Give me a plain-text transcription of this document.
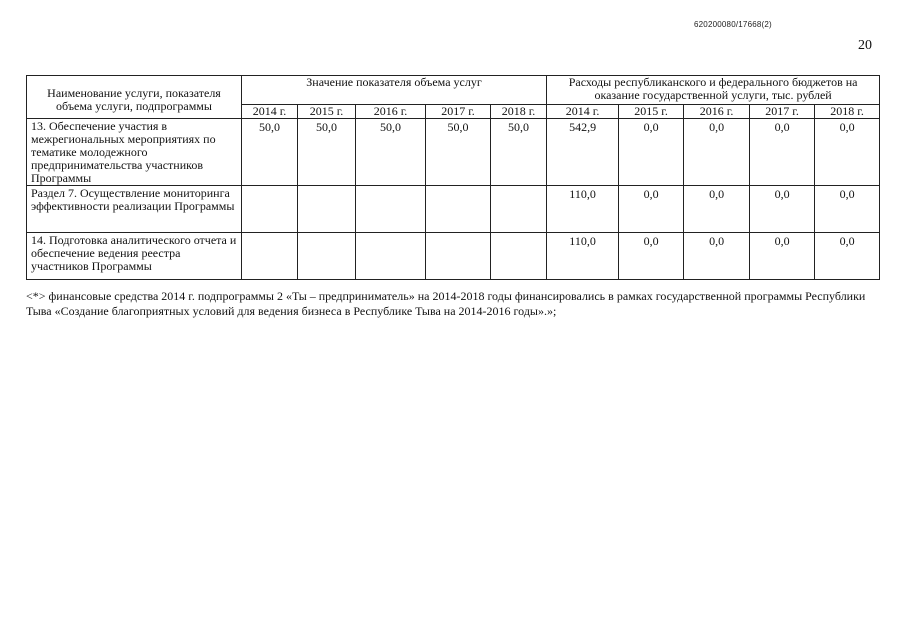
620200080/17668(2)
20
Наименование услуги, показателя объема услуги, подпрограммы	Значение показателя объема услуг					Расходы республиканского и федерального бюджетов на оказание государственной услуги, тыс. рублей				
	2014 г.	2015 г.	2016 г.	2017 г.	2018 г.	2014 г.	2015 г.	2016 г.	2017 г.	2018 г.
13. Обеспечение участия в межрегиональных мероприятиях по тематике молодежного предпринимательства участников Программы	50,0	50,0	50,0	50,0	50,0	542,9	0,0	0,0	0,0	0,0
Раздел 7. Осуществление мониторинга эффективности реализации Программы						110,0	0,0	0,0	0,0	0,0
14. Подготовка аналитического отчета и обеспечение ведения реестра участников Программы						110,0	0,0	0,0	0,0	0,0
<*> финансовые средства 2014 г. подпрограммы 2 «Ты – предприниматель» на 2014-2018 годы финансировались в рамках государственной программы Республики Тыва «Создание благоприятных условий для ведения бизнеса в Республике Тыва на 2014-2016 годы».»;
